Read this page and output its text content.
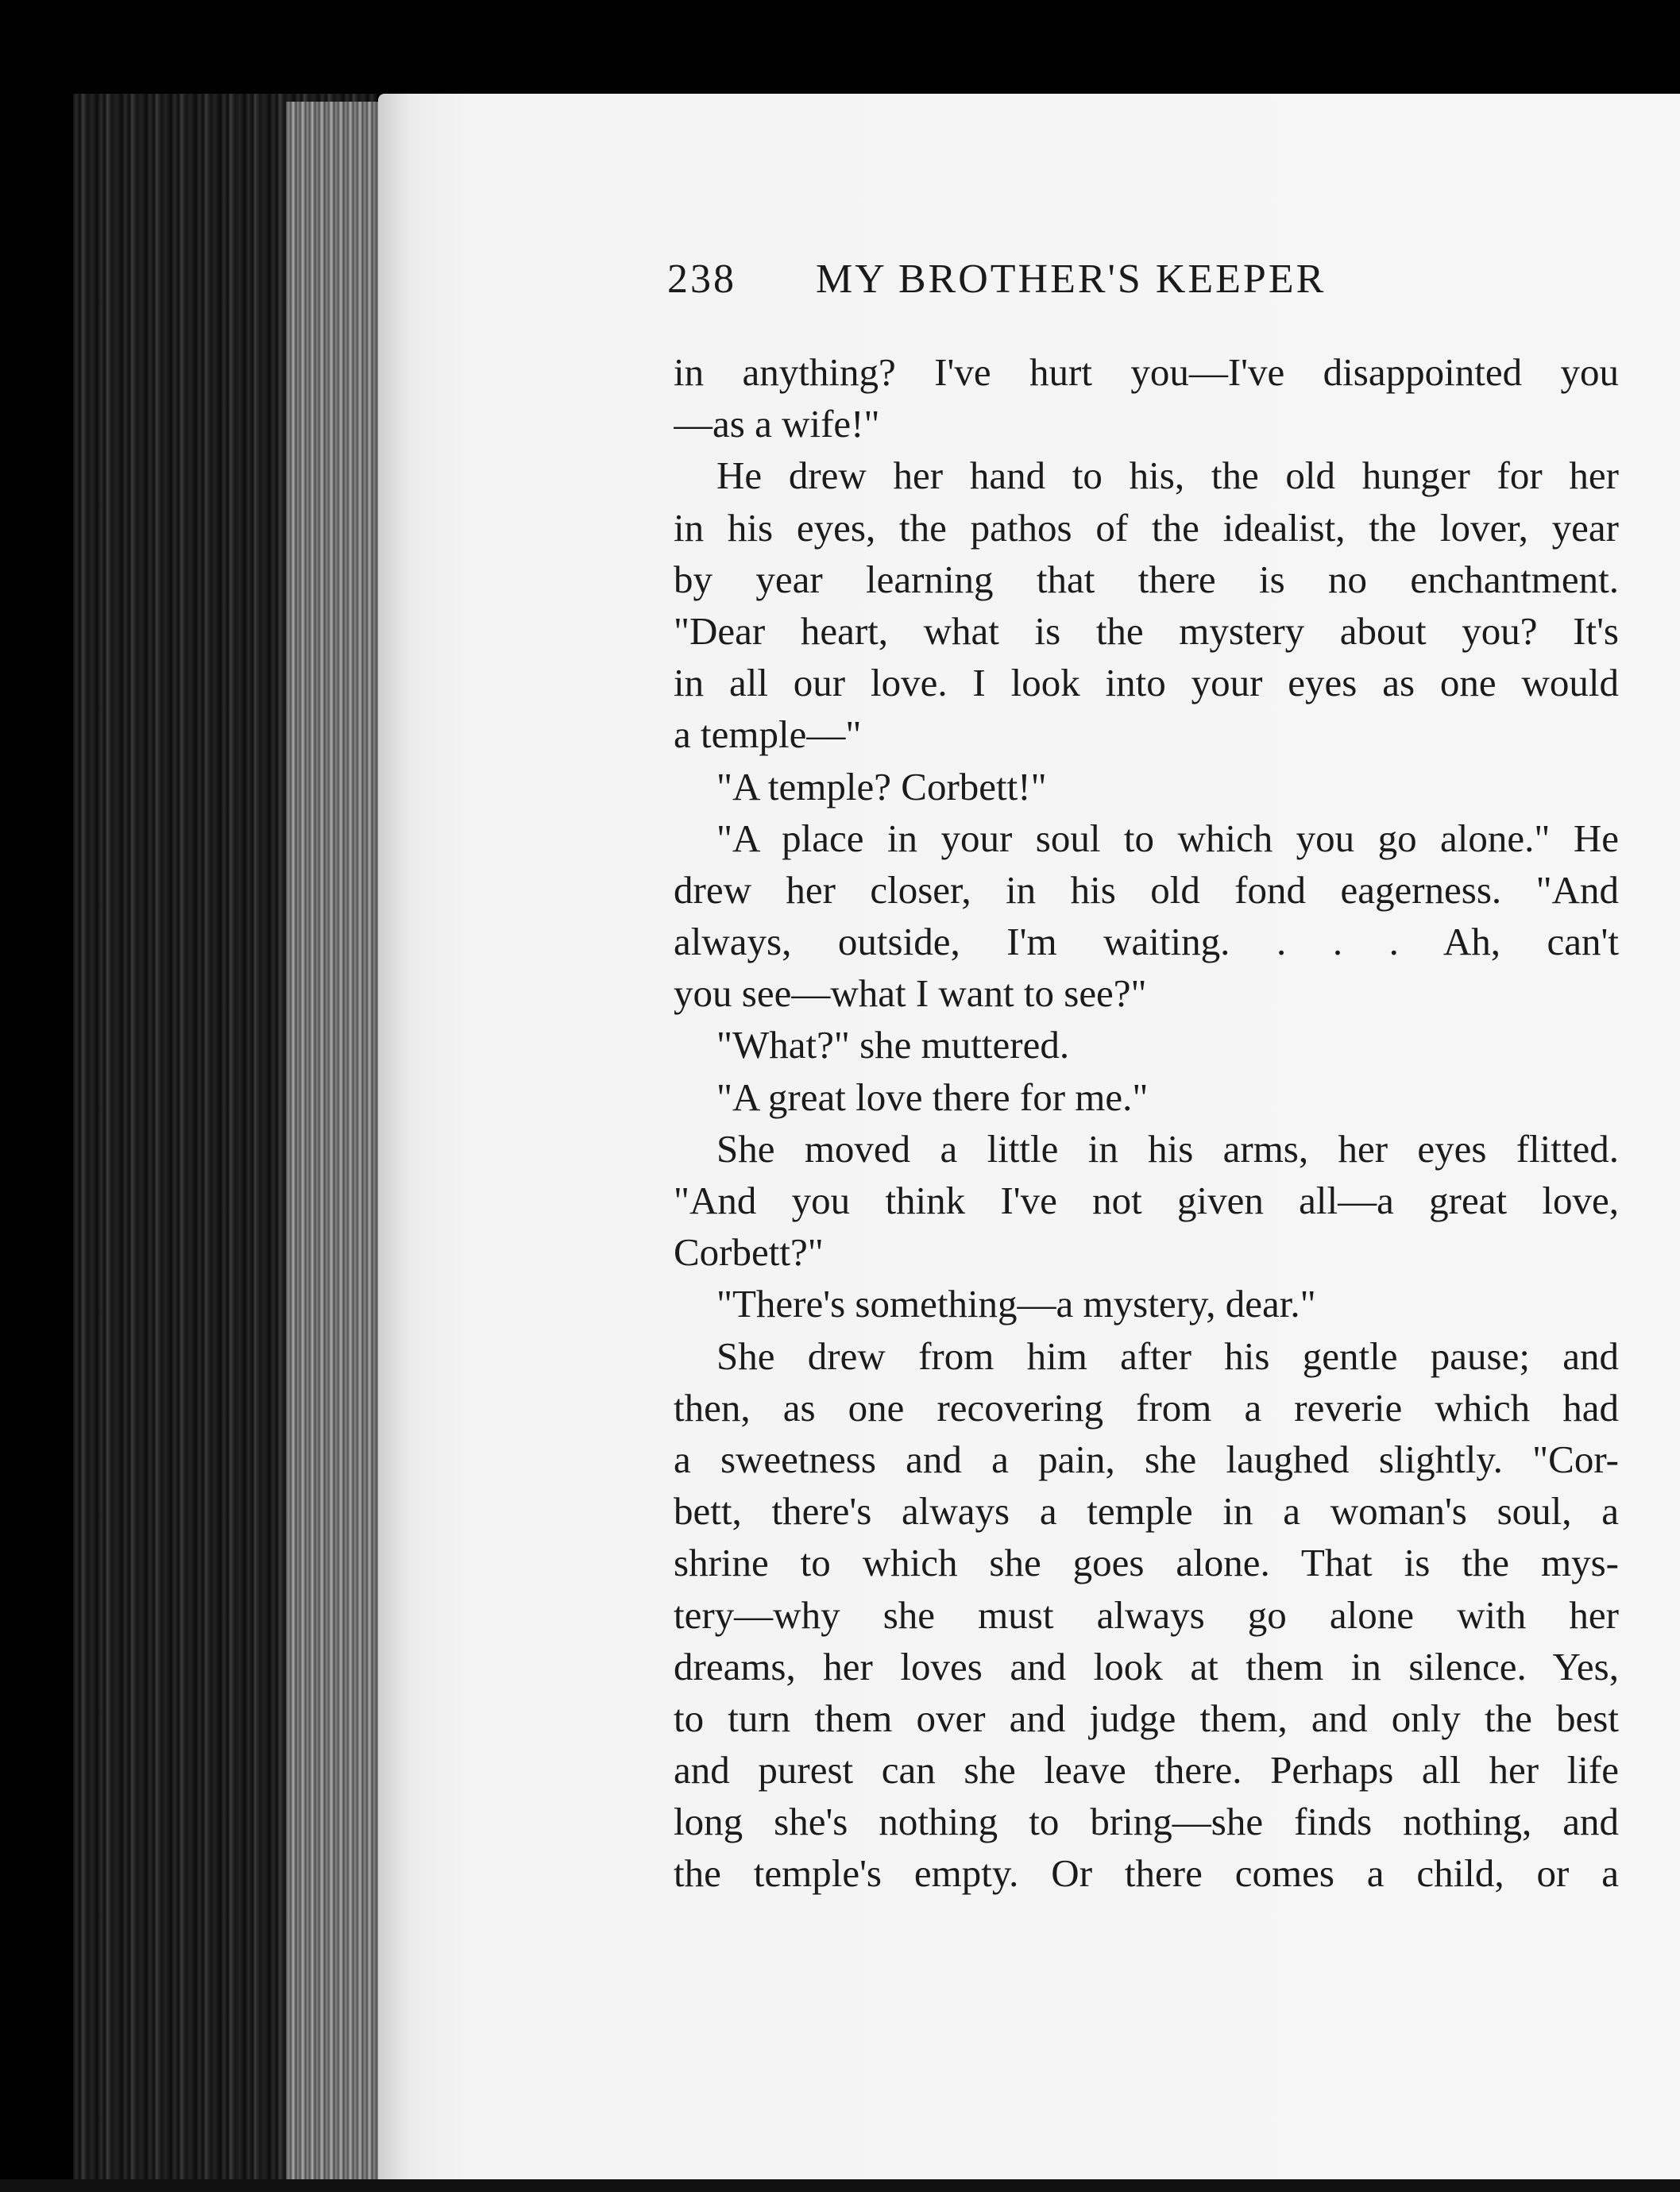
238 MY BROTHER'S KEEPER
in anything? I've hurt you—I've disappointed you
—as a wife!"
He drew her hand to his, the old hunger for her
in his eyes, the pathos of the idealist, the lover, year
by year learning that there is no enchantment.
"Dear heart, what is the mystery about you? It's
in all our love. I look into your eyes as one would
a temple—"
"A temple? Corbett!"
"A place in your soul to which you go alone." He
drew her closer, in his old fond eagerness. "And
always, outside, I'm waiting. . . . Ah, can't
you see—what I want to see?"
"What?" she muttered.
"A great love there for me."
She moved a little in his arms, her eyes flitted.
"And you think I've not given all—a great love,
Corbett?"
"There's something—a mystery, dear."
She drew from him after his gentle pause; and
then, as one recovering from a reverie which had
a sweetness and a pain, she laughed slightly. "Cor-
bett, there's always a temple in a woman's soul, a
shrine to which she goes alone. That is the mys-
tery—why she must always go alone with her
dreams, her loves and look at them in silence. Yes,
to turn them over and judge them, and only the best
and purest can she leave there. Perhaps all her life
long she's nothing to bring—she finds nothing, and
the temple's empty. Or there comes a child, or a
